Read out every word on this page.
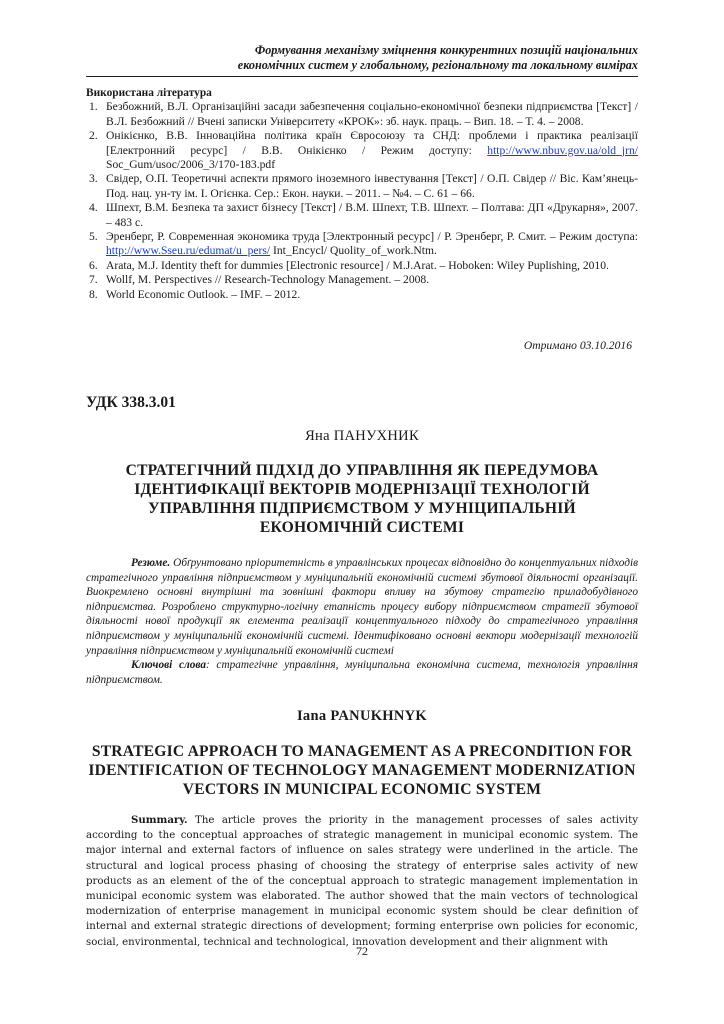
Формування механізму зміцнення конкурентних позицій національних
економічних систем у глобальному, регіональному та локальному вимірах
Використана література
1. Безбожний, В.Л. Організаційні засади забезпечення соціально-економічної безпеки підприємства [Текст] / В.Л. Безбожний // Вчені записки Університету «КРОК»: зб. наук. праць. – Вип. 18. – Т. 4. – 2008.
2. Онікієнко, В.В. Інноваційна політика країн Євросоюзу та СНД: проблеми і практика реалізації [Електронний ресурс] / В.В. Онікієнко / Режим доступу: http://www.nbuv.gov.ua/old_jrn/ Soc_Gum/usoc/2006_3/170-183.pdf
3. Свідер, О.П. Теоретичні аспекти прямого іноземного інвестування [Текст] / О.П. Свідер // Віс. Кам’янець-Под. нац. ун-ту ім. І. Огієнка. Сер.: Екон. науки. – 2011. – №4. – С. 61 – 66.
4. Шпехт, В.М. Безпека та захист бізнесу [Текст] / В.М. Шпехт, Т.В. Шпехт. – Полтава: ДП «Друкарня», 2007. – 483 с.
5. Эренберг, Р. Современная экономика труда [Электронный ресурс] / Р. Эренберг, Р. Смит. – Режим доступа: http://www.Sseu.ru/edumat/u_pers/ Int_Encycl/ Quolity_of_work.Ntm.
6. Arata, M.J. Identity theft for dummies [Electronic resource] / M.J.Arat. – Hoboken: Wiley Puplishing, 2010.
7. Wollf, M. Perspectives // Research-Technology Management. – 2008.
8. World Economic Outlook. – IMF. – 2012.
Отримано 03.10.2016
УДК 338.3.01
Яна ПАНУХНИК
СТРАТЕГІЧНИЙ ПІДХІД ДО УПРАВЛІННЯ ЯК ПЕРЕДУМОВА ІДЕНТИФІКАЦІЇ ВЕКТОРІВ МОДЕРНІЗАЦІЇ ТЕХНОЛОГІЙ УПРАВЛІННЯ ПІДПРИЄМСТВОМ У МУНІЦИПАЛЬНІЙ ЕКОНОМІЧНІЙ СИСТЕМІ

Резюме. Обґрунтовано пріоритетність в управлінських процесах відповідно до концептуальних підходів стратегічного управління підприємством у муніципальній економічній системі збутової діяльності організації. Виокремлено основні внутрішні та зовнішні фактори впливу на збутову стратегію приладобудівного підприємства. Розроблено структурно-логічну етапність процесу вибору підприємством стратегії збутової діяльності нової продукції як елемента реалізації концептуального підходу до стратегічного управління підприємством у муніципальній економічній системі. Ідентифіковано основні вектори модернізації технологій управління підприємством у муніципальній економічній системі

Ключові слова: стратегічне управління, муніципальна економічна система, технологія управління підприємством.

Iana PANUKHNYK
STRATEGIC APPROACH TO MANAGEMENT AS A PRECONDITION FOR IDENTIFICATION OF TECHNOLOGY MANAGEMENT MODERNIZATION VECTORS IN MUNICIPAL ECONOMIC SYSTEM

Summary. The article proves the priority in the management processes of sales activity according to the conceptual approaches of strategic management in municipal economic system. The major internal and external factors of influence on sales strategy were underlined in the article. The structural and logical process phasing of choosing the strategy of enterprise sales activity of new products as an element of the of the conceptual approach to strategic management implementation in municipal economic system was elaborated. The author showed that the main vectors of technological modernization of enterprise management in municipal economic system should be clear definition of internal and external strategic directions of development; forming enterprise own policies for economic, social, environmental, technical and technological, innovation development and their alignment with

72
